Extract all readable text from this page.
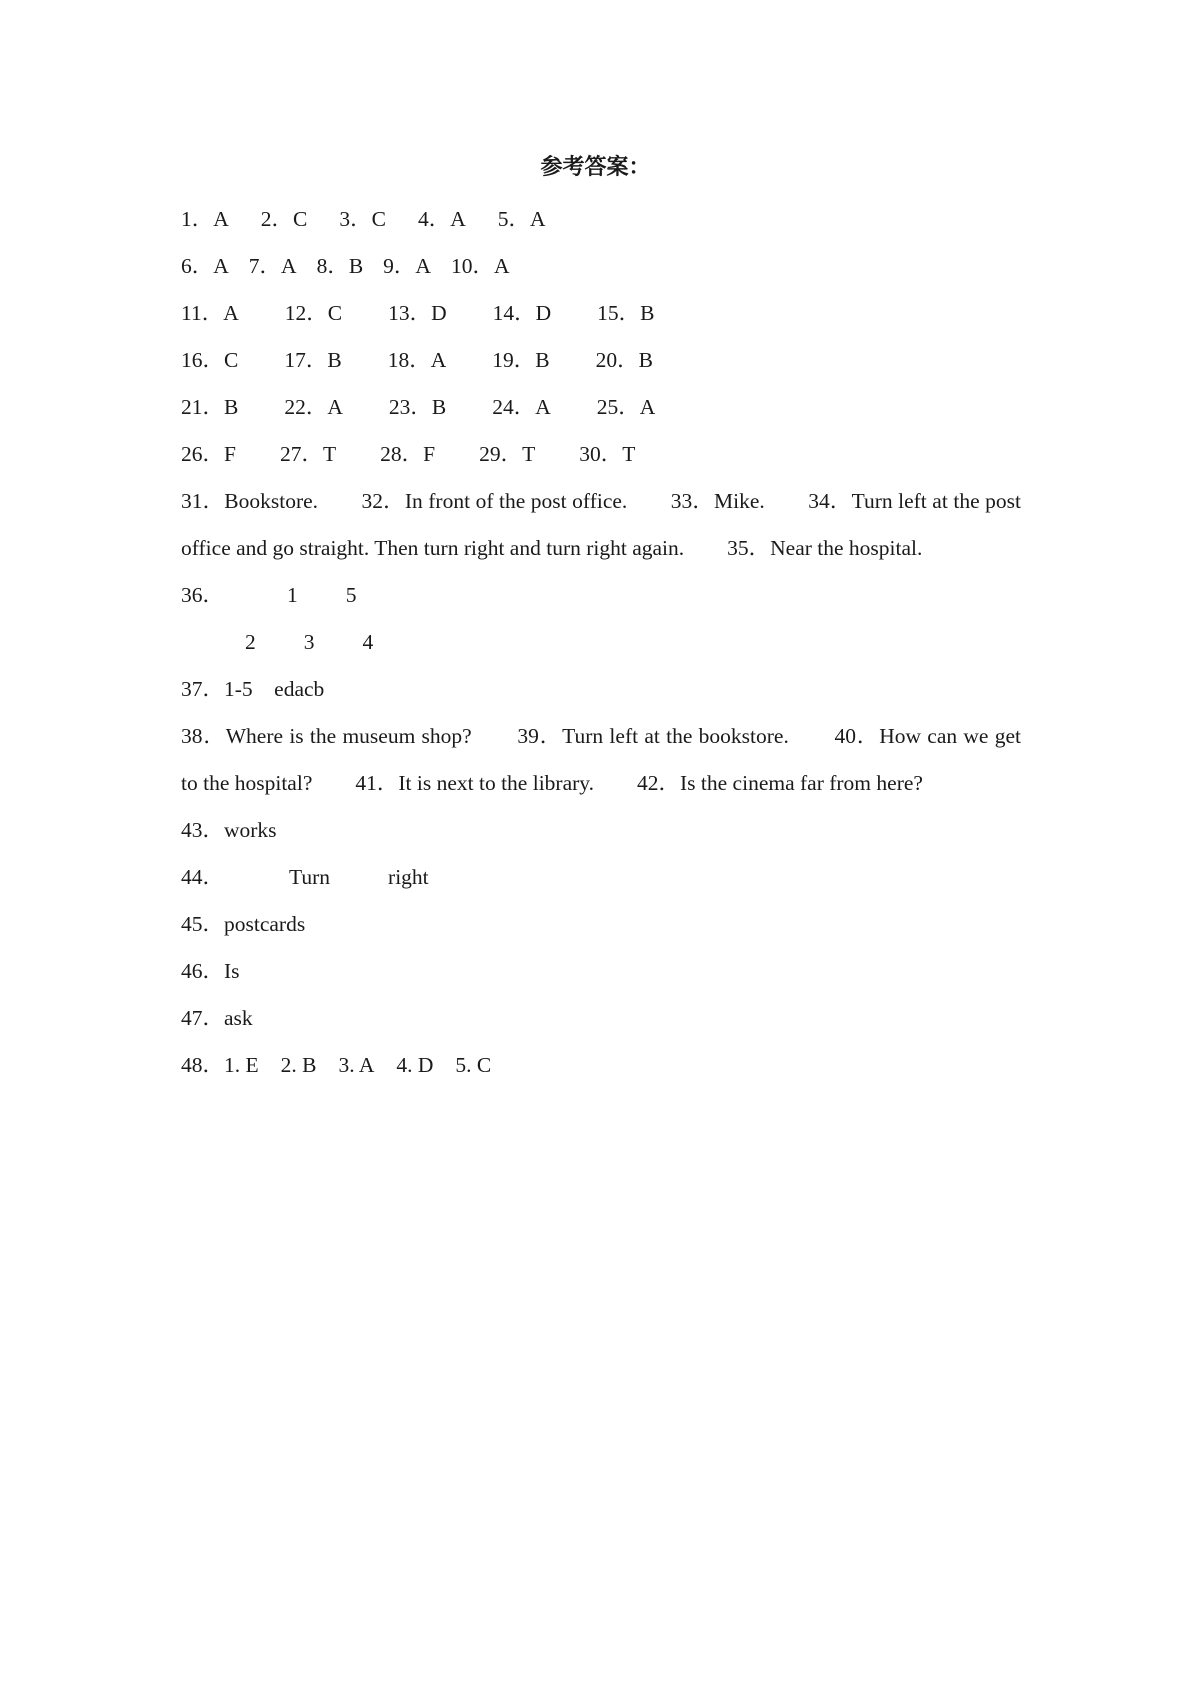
参考答案：
1．A 2．C 3．C 4．A 5．A
6．A 7．A 8．B 9．A 10．A
11．A 12．C 13．D 14．D 15．B
16．C 17．B 18．A 19．B 20．B
21．B 22．A 23．B 24．A 25．A
26．F 27．T 28．F 29．T 30．T
31．Bookstore.　　32．In front of the post office.　　33．Mike.　　34．Turn left at the post office and go straight. Then turn right and turn right again.　　35．Near the hospital.
36．	1 5
2 3 4
37．1-5　edacb
38．Where is the museum shop?　　39．Turn left at the bookstore.　　40．How can we get to the hospital?　　41．It is next to the library.　　42．Is the cinema far from here?
43．works
44．	Turn	right
45．postcards
46．Is
47．ask
48．1. E 2. B 3. A 4. D 5. C
